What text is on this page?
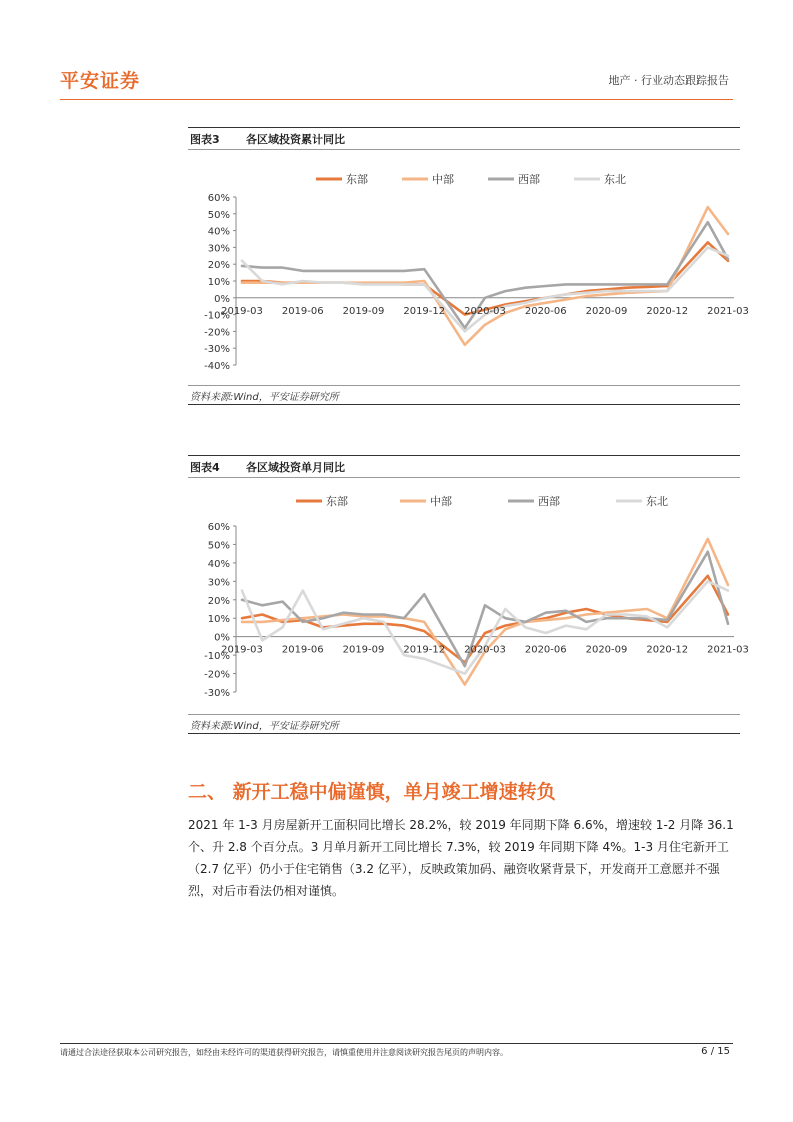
平安证券	地产 · 行业动态跟踪报告
图表3 各区域投资累计同比
东部	中部	西部	东北
60%
50%
40%
30%
20%
10%
0%
-10%
-20%
-30%
-40%
2019-03 2019-06 2019-09 2019-12 2020-03 2020-06 2020-09 2020-12 2021-03
资料来源:Wind，平安证券研究所
图表4 各区域投资单月同比
东部	中部	西部	东北
60%
50%
40%
30%
20%
10%
0%
-10%
-20%
-30%
2019-03 2019-06 2019-09 2019-12 2020-03 2020-06 2020-09 2020-12 2021-03
资料来源:Wind，平安证券研究所
二、 新开工稳中偏谨慎，单月竣工增速转负

2021 年 1-3 月房屋新开工面积同比增长 28.2%，较 2019 年同期下降 6.6%，增速较 1-2 月降 36.1 个、升 2.8 个百分点。3 月单月新开工同比增长 7.3%，较 2019 年同期下降 4%。1-3 月住宅新开工（2.7 亿平）仍小于住宅销售（3.2 亿平），反映政策加码、融资收紧背景下，开发商开工意愿并不强烈，对后市看法仍相对谨慎。

请通过合法途径获取本公司研究报告，如经由未经许可的渠道获得研究报告，请慎重使用并注意阅读研究报告尾页的声明内容。	6 / 15
